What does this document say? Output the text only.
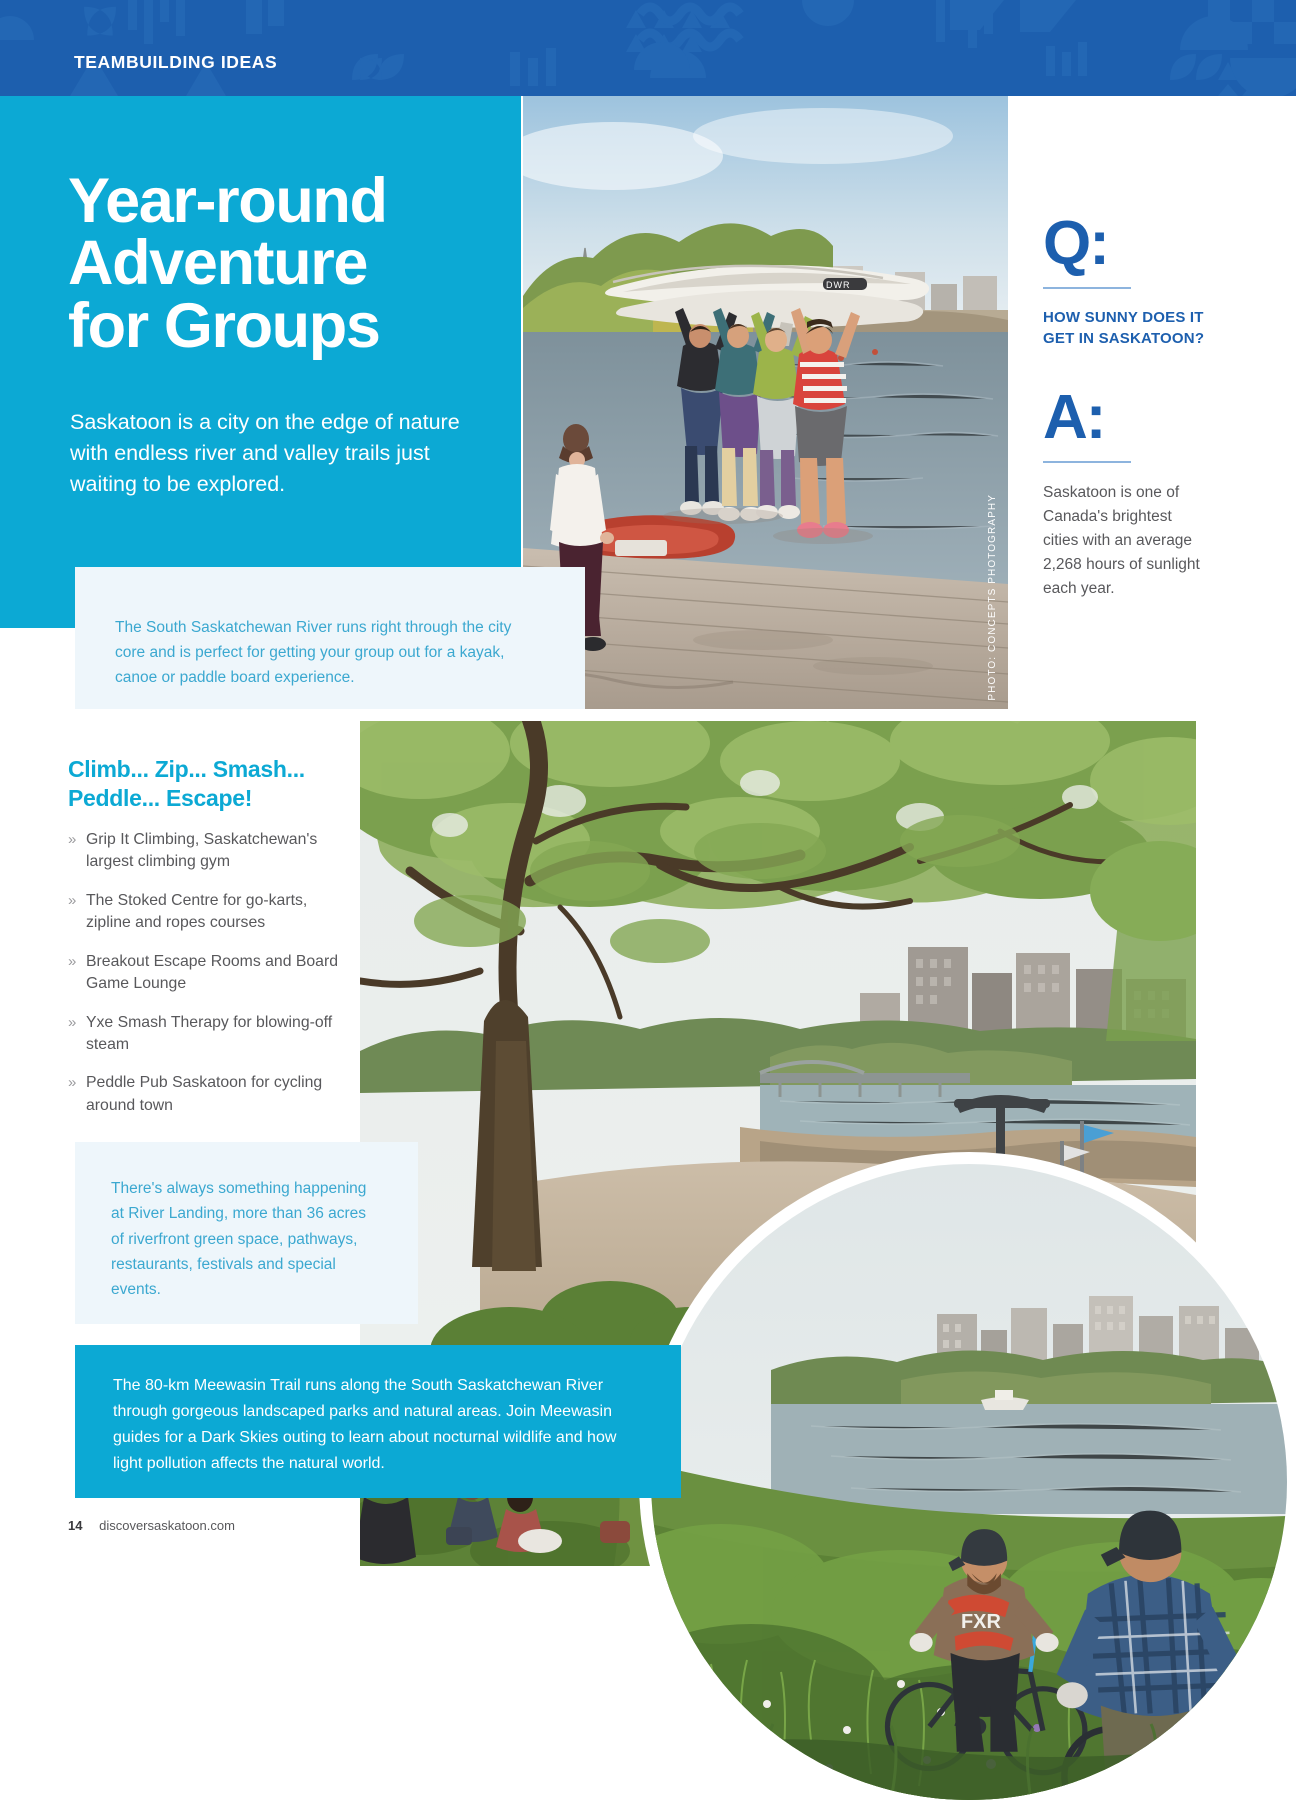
TEAMBUILDING IDEAS
Year-round
Adventure
for Groups

Saskatoon is a city on the edge of nature with endless river and valley trails just waiting to be explored.

DWR
PHOTO: CONCEPTS PHOTOGRAPHY
Q:
HOW SUNNY DOES IT GET IN SASKATOON?
A:
Saskatoon is one of Canada's brightest cities with an average 2,268 hours of sunlight each year.
The South Saskatchewan River runs right through the city core and is perfect for getting your group out for a kayak, canoe or paddle board experience.
Climb... Zip... Smash...
Peddle... Escape!
» Grip It Climbing, Saskatchewan's largest climbing gym
» The Stoked Centre for go-karts, zipline and ropes courses
» Breakout Escape Rooms and Board Game Lounge
» Yxe Smash Therapy for blowing-off steam
» Peddle Pub Saskatoon for cycling around town
FXR
PHOTO: CHAD REYNOLDS
There's always something happening at River Landing, more than 36 acres of riverfront green space, pathways, restaurants, festivals and special events.
The 80-km Meewasin Trail runs along the South Saskatchewan River through gorgeous landscaped parks and natural areas. Join Meewasin guides for a Dark Skies outing to learn about nocturnal wildlife and how light pollution affects the natural world.
14 discoversaskatoon.com
